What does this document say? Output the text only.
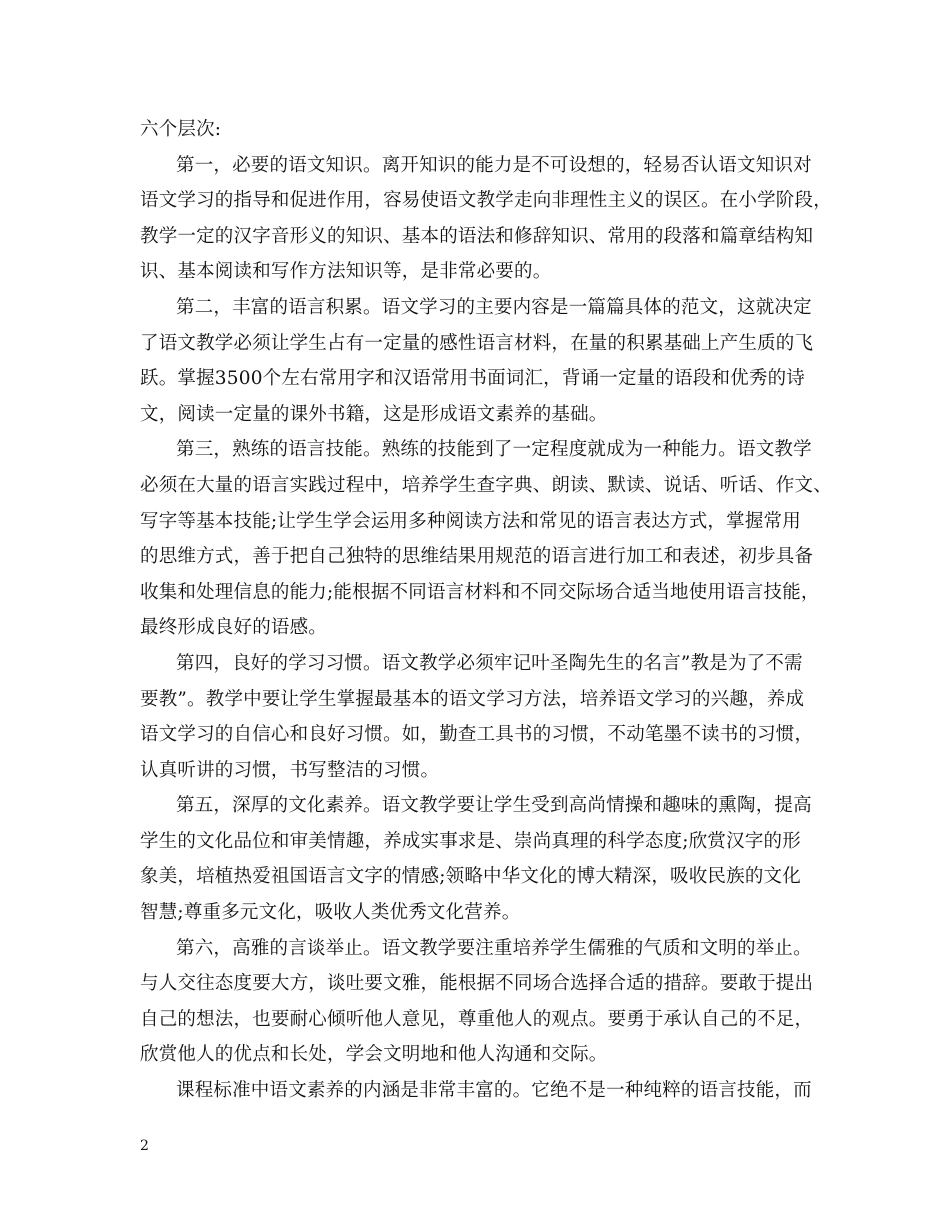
六个层次:
第一，必要的语文知识。离开知识的能力是不可设想的，轻易否认语文知识对
语文学习的指导和促进作用，容易使语文教学走向非理性主义的误区。在小学阶段，
教学一定的汉字音形义的知识、基本的语法和修辞知识、常用的段落和篇章结构知
识、基本阅读和写作方法知识等，是非常必要的。
第二，丰富的语言积累。语文学习的主要内容是一篇篇具体的范文，这就决定
了语文教学必须让学生占有一定量的感性语言材料，在量的积累基础上产生质的飞
跃。掌握3500个左右常用字和汉语常用书面词汇，背诵一定量的语段和优秀的诗
文，阅读一定量的课外书籍，这是形成语文素养的基础。
第三，熟练的语言技能。熟练的技能到了一定程度就成为一种能力。语文教学
必须在大量的语言实践过程中，培养学生查字典、朗读、默读、说话、听话、作文、
写字等基本技能;让学生学会运用多种阅读方法和常见的语言表达方式，掌握常用
的思维方式，善于把自己独特的思维结果用规范的语言进行加工和表述，初步具备
收集和处理信息的能力;能根据不同语言材料和不同交际场合适当地使用语言技能，
最终形成良好的语感。
第四，良好的学习习惯。语文教学必须牢记叶圣陶先生的名言”教是为了不需
要教”。教学中要让学生掌握最基本的语文学习方法，培养语文学习的兴趣，养成
语文学习的自信心和良好习惯。如，勤查工具书的习惯，不动笔墨不读书的习惯，
认真听讲的习惯，书写整洁的习惯。
第五，深厚的文化素养。语文教学要让学生受到高尚情操和趣味的熏陶，提高
学生的文化品位和审美情趣，养成实事求是、崇尚真理的科学态度;欣赏汉字的形
象美，培植热爱祖国语言文字的情感;领略中华文化的博大精深，吸收民族的文化
智慧;尊重多元文化，吸收人类优秀文化营养。
第六，高雅的言谈举止。语文教学要注重培养学生儒雅的气质和文明的举止。
与人交往态度要大方，谈吐要文雅，能根据不同场合选择合适的措辞。要敢于提出
自己的想法，也要耐心倾听他人意见，尊重他人的观点。要勇于承认自己的不足，
欣赏他人的优点和长处，学会文明地和他人沟通和交际。
课程标准中语文素养的内涵是非常丰富的。它绝不是一种纯粹的语言技能，而
2
